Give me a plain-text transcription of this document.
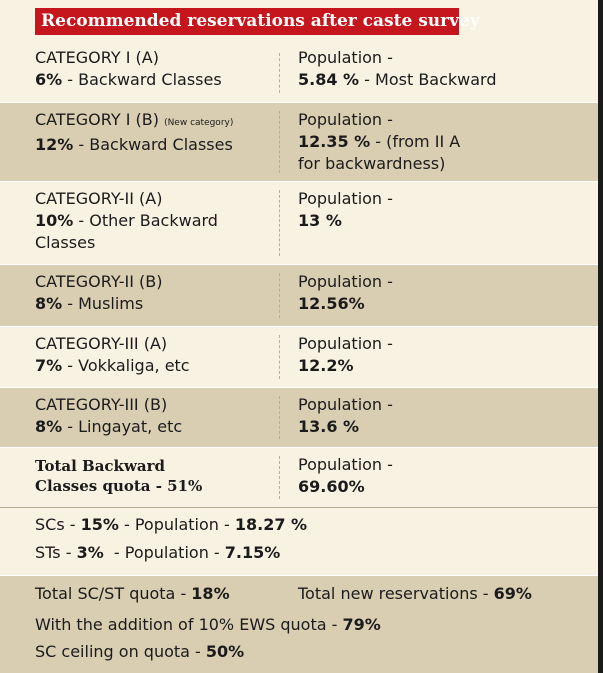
Recommended reservations after caste survey
CATEGORY I (A)
6% - Backward Classes
Population -
5.84 % - Most Backward
CATEGORY I (B) (New category)
12% - Backward Classes
Population -
12.35 % - (from II A
for backwardness)
CATEGORY-II (A)
10% - Other Backward
Classes
Population -
13 %
CATEGORY-II (B)
8% - Muslims
Population -
12.56%
CATEGORY-III (A)
7% - Vokkaliga, etc
Population -
12.2%
CATEGORY-III (B)
8% - Lingayat, etc
Population -
13.6 %
Total Backward
Classes quota - 51%
Population -
69.60%
SCs - 15% - Population - 18.27 %
STs - 3%  - Population - 7.15%
Total SC/ST quota - 18%	Total new reservations - 69%
With the addition of 10% EWS quota - 79%
SC ceiling on quota - 50%
